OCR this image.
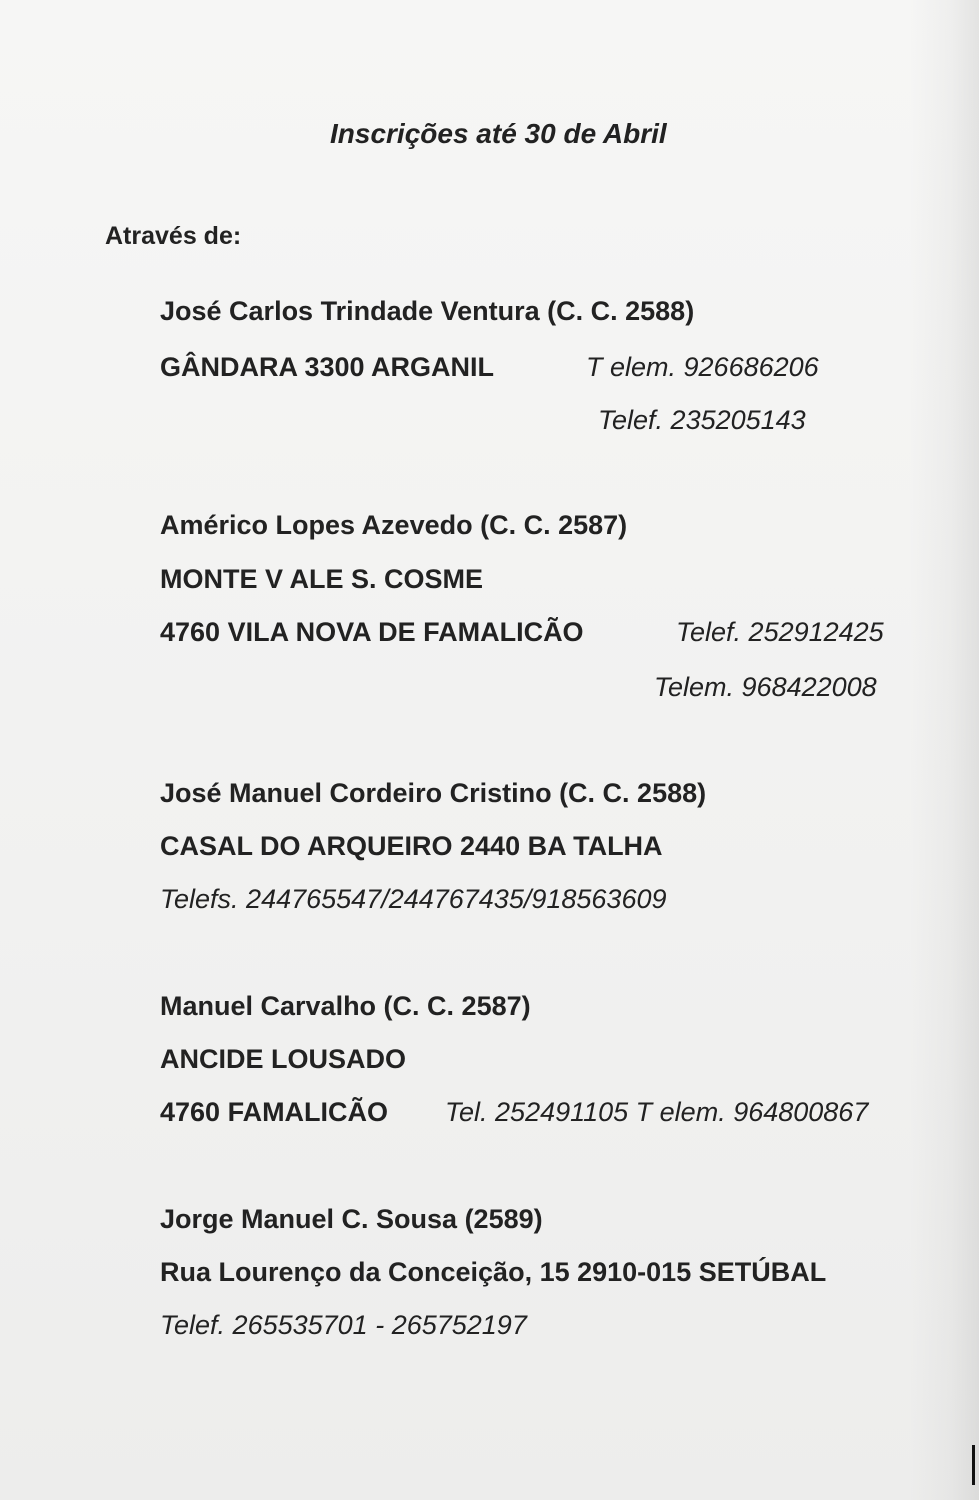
Inscrições até 30 de Abril
Através de:
José Carlos Trindade Ventura (C. C. 2588)
GÂNDARA 3300 ARGANIL	T elem. 926686206
Telef. 235205143
Américo Lopes Azevedo (C. C. 2587)
MONTE V ALE S. COSME
4760 VILA NOVA DE FAMALICÃO	Telef. 252912425
Telem. 968422008
José Manuel Cordeiro Cristino (C. C. 2588)
CASAL DO ARQUEIRO 2440 BA TALHA
Telefs. 244765547/244767435/918563609
Manuel Carvalho (C. C. 2587)
ANCIDE LOUSADO
4760 FAMALICÃO Tel. 252491105 T elem. 964800867
Jorge Manuel C. Sousa (2589)
Rua Lourenço da Conceição, 15 2910-015 SETÚBAL
Telef. 265535701 - 265752197
